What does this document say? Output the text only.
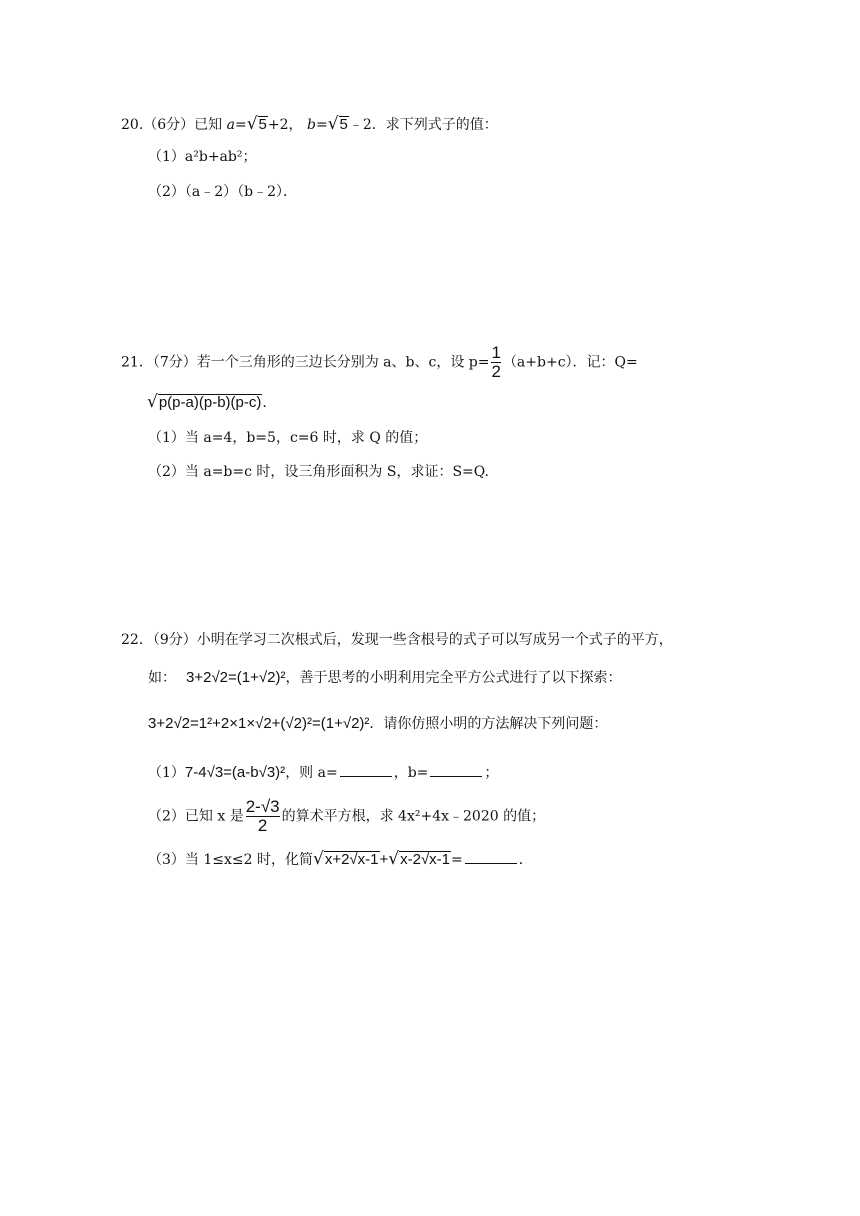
20.（6分）已知 a=√5+2， b=√5﹣2．求下列式子的值：
（1）a²b+ab²；
（2）（a﹣2）（b﹣2）．
21．（7分）若一个三角形的三边长分别为 a、b、c，设 $p= \frac{1}{2} (a+b+c)$．记：Q=
√p(p-a)(p-b)(p-c).
（1）当 a=4，b=5，c=6 时，求 Q 的值；
（2）当 a=b=c 时，设三角形面积为 S，求证：S=Q.
22．（9分）小明在学习二次根式后，发现一些含根号的式子可以写成另一个式子的平方，
如： 3+2√2=(1+√2)²，善于思考的小明利用完全平方公式进行了以下探索：
3+2√2=1²+2×1×√2+(√2)²=(1+√2)²．请你仿照小明的方法解决下列问题：
（1）7-4√3=(a-b√3)²，则 a=	，b=	；
（2）已知 x 是 $\frac{2-√3}{2}$ 的算术平方根，求 4x²+4x﹣2020 的值；
（3）当 1≤x≤2 时，化简√x+2√x-1+√x-2√x-1=	．
